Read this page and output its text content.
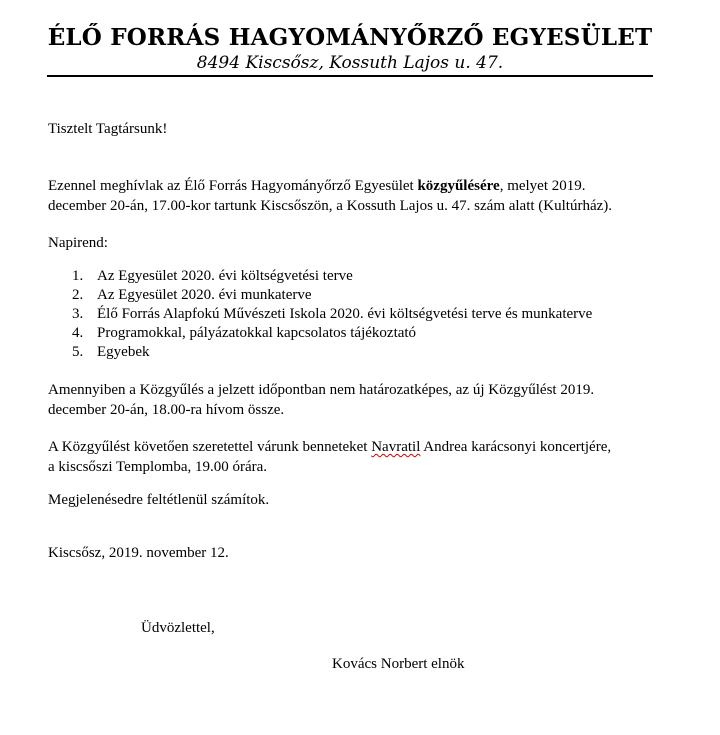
ÉLŐ FORRÁS HAGYOMÁNYŐRZŐ EGYESÜLET
8494 Kiscsősz, Kossuth Lajos u. 47.
Tisztelt Tagtársunk!
Ezennel meghívlak az Élő Forrás Hagyományőrző Egyesület közgyűlésére, melyet 2019.
december 20-án, 17.00-kor tartunk Kiscsőszön, a Kossuth Lajos u. 47. szám alatt (Kultúrház).
Napirend:
1. Az Egyesület 2020. évi költségvetési terve
2. Az Egyesület 2020. évi munkaterve
3. Élő Forrás Alapfokú Művészeti Iskola 2020. évi költségvetési terve és munkaterve
4. Programokkal, pályázatokkal kapcsolatos tájékoztató
5. Egyebek
Amennyiben a Közgyűlés a jelzett időpontban nem határozatképes, az új Közgyűlést 2019.
december 20-án, 18.00-ra hívom össze.
A Közgyűlést követően szeretettel várunk benneteket Navratil Andrea karácsonyi koncertjére,
a kiscsőszi Templomba, 19.00 órára.
Megjelenésedre feltétlenül számítok.
Kiscsősz, 2019. november 12.
Üdvözlettel,
Kovács Norbert elnök
